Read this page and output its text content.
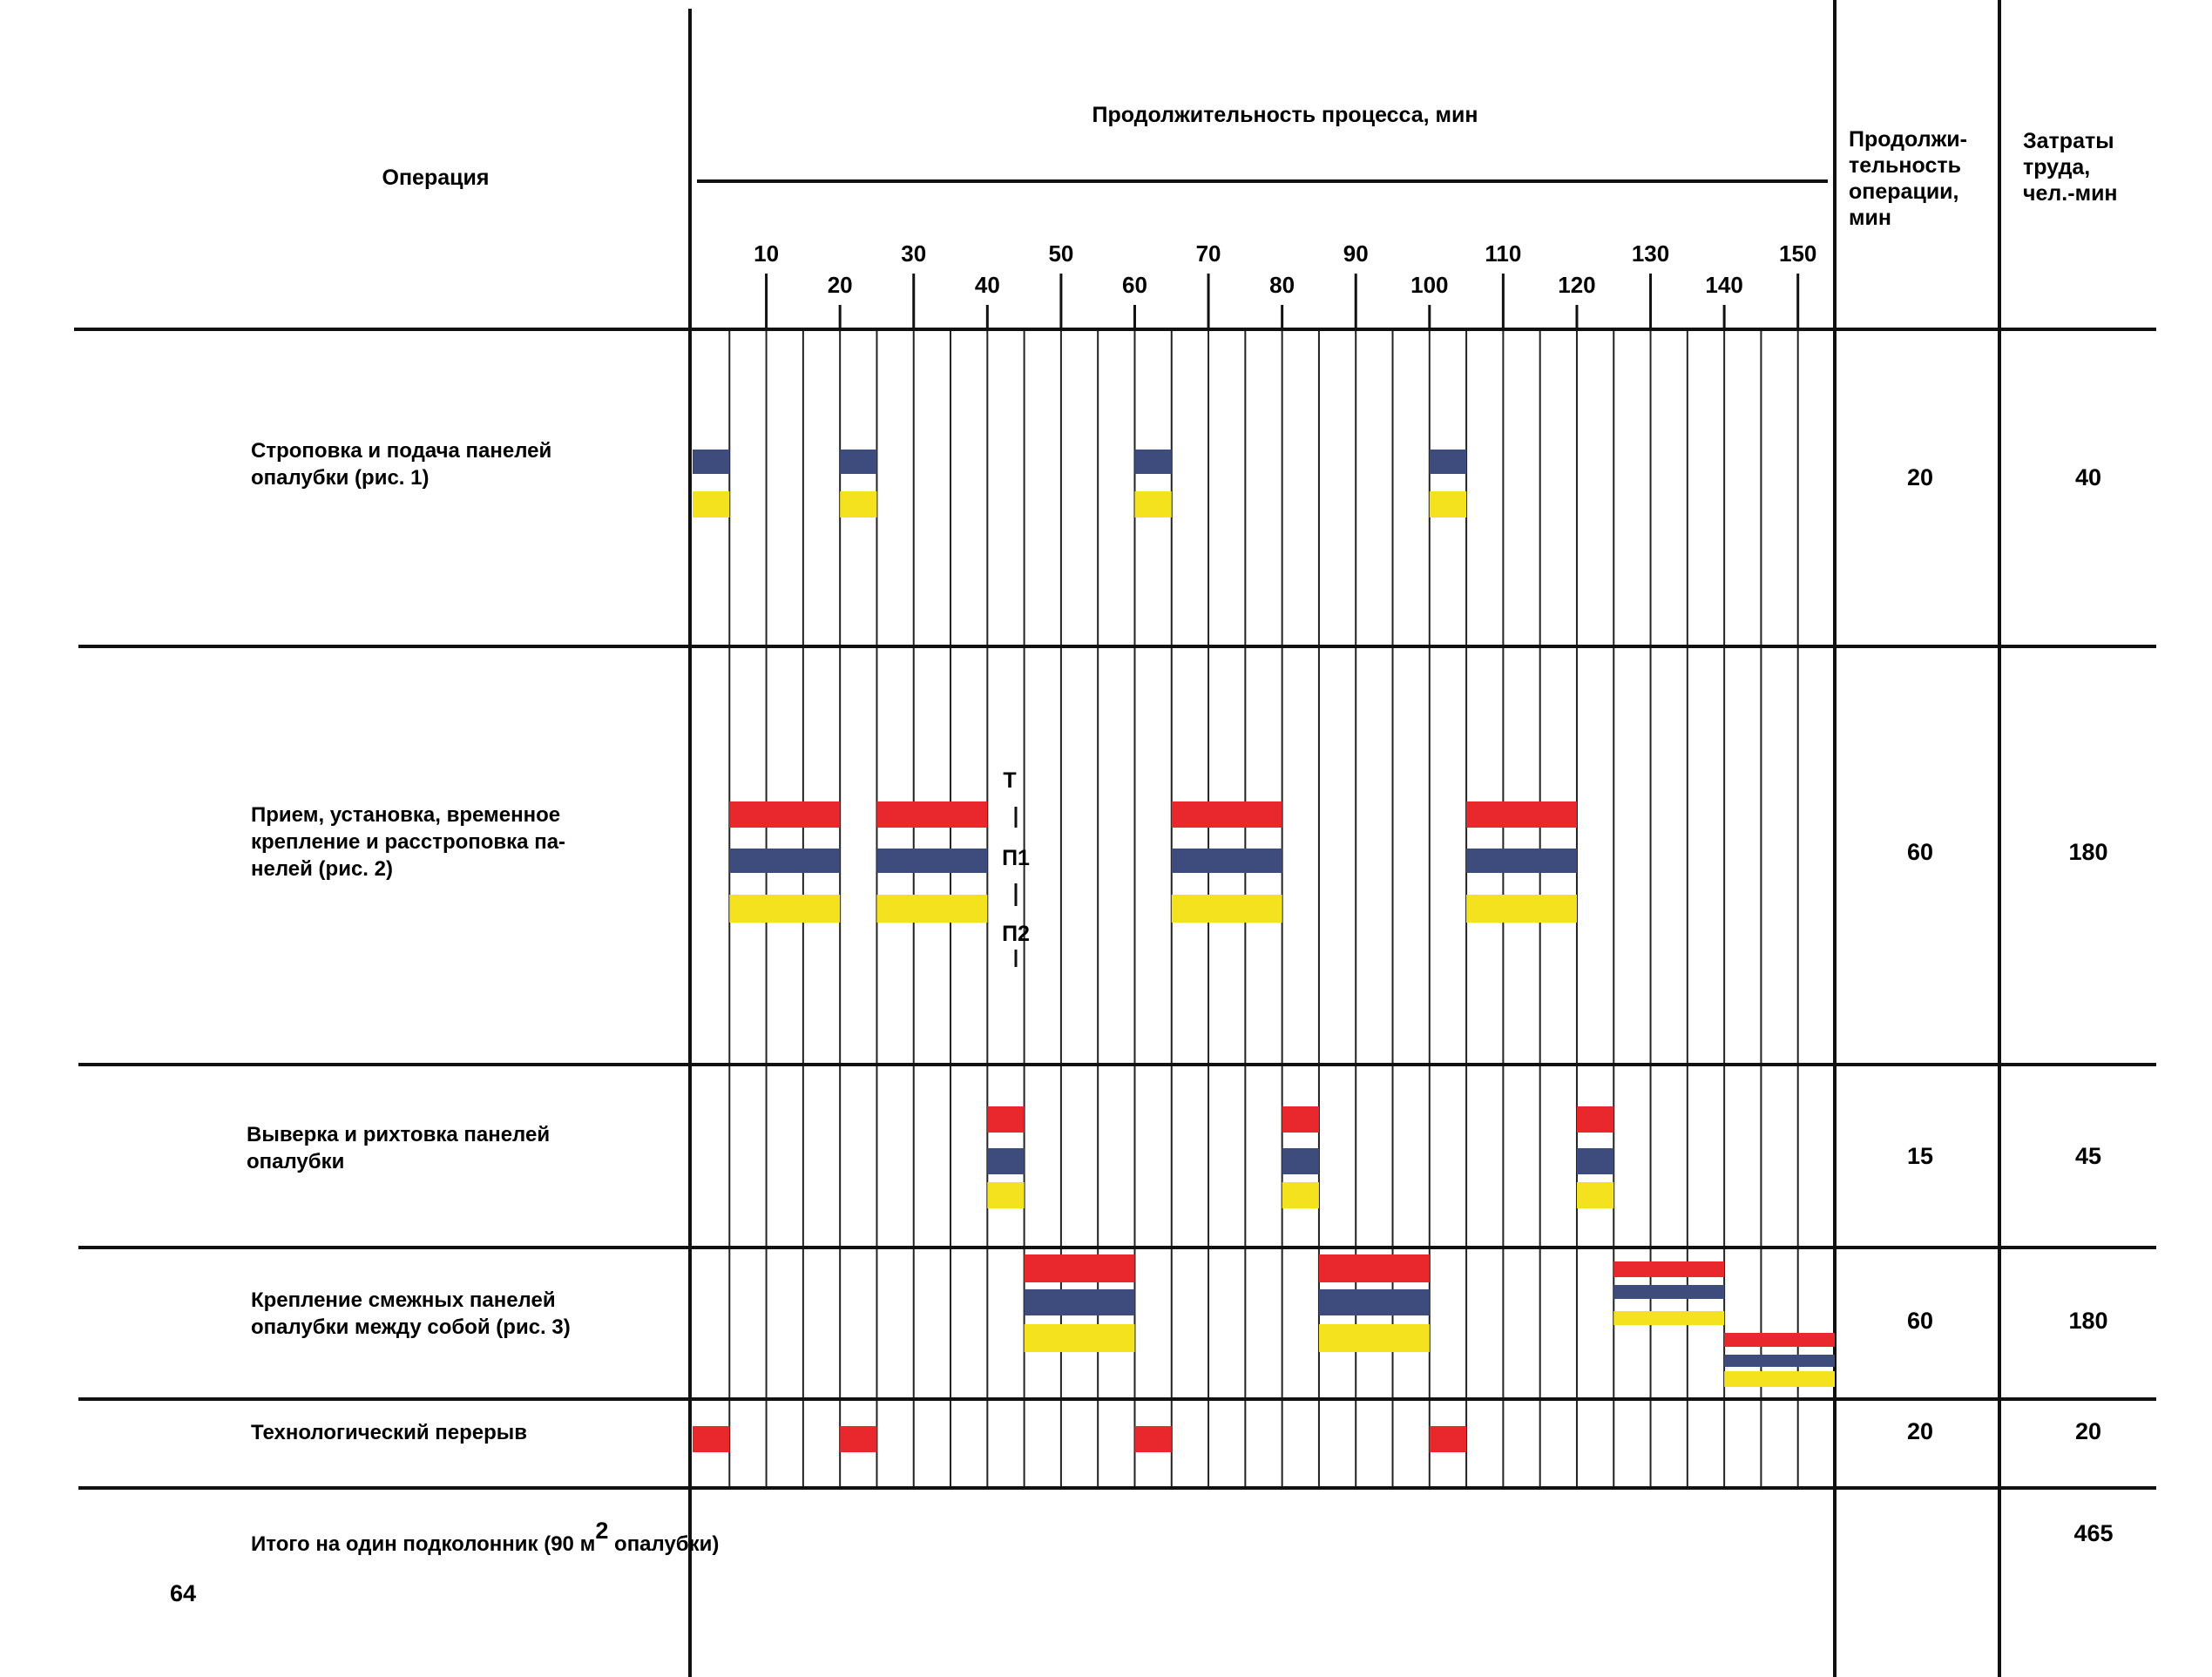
Операция
Продолжительность процесса, мин
Продолжи-
тельность
операции,
мин
Затраты
труда,
чел.-мин
10
20
30
40
50
60
70
80
90
100
110
120
130
140
150
Строповка и подача панелей
опалубки (рис. 1)	20	40
Прием, установка, временное
крепление и расстроповка па-
нелей (рис. 2)
60	180
Выверка и рихтовка панелей
опалубки	15	45
Крепление смежных панелей
опалубки между собой (рис. 3)	60	180
Технологический перерыв	20	20
Т
П1
П2
Итого на один подколонник (90 м2 опалубки)	465
64
